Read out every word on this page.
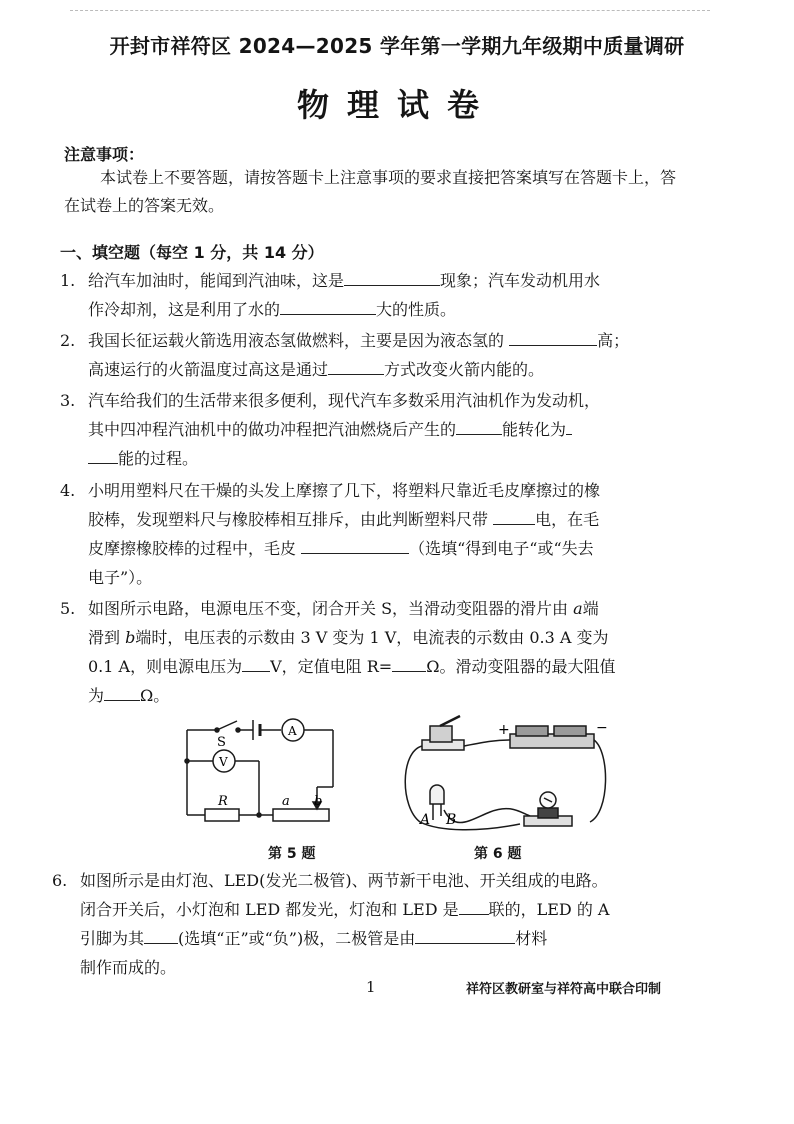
开封市祥符区 2024—2025 学年第一学期九年级期中质量调研
物理试卷
注意事项：
本试卷上不要答题，请按答题卡上注意事项的要求直接把答案填写在答题卡上，答在试卷上的答案无效。
一、填空题（每空 1 分，共 14 分）
1. 给汽车加油时，能闻到汽油味，这是	现象；汽车发动机用水
作冷却剂，这是利用了水的	大的性质。
2. 我国长征运载火箭选用液态氢做燃料，主要是因为液态氢的	高；
高速运行的火箭温度过高这是通过	方式改变火箭内能的。
3. 汽车给我们的生活带来很多便利，现代汽车多数采用汽油机作为发动机，
其中四冲程汽油机中的做功冲程把汽油燃烧后产生的	能转化为
能的过程。
4. 小明用塑料尺在干燥的头发上摩擦了几下，将塑料尺靠近毛皮摩擦过的橡
胶棒，发现塑料尺与橡胶棒相互排斥，由此判断塑料尺带	电，在毛
皮摩擦橡胶棒的过程中，毛皮	（选填“得到电子“或“失去
电子”）。
5. 如图所示电路，电源电压不变，闭合开关 S，当滑动变阻器的滑片由 a端
滑到 b端时，电压表的示数由 3 V 变为 1 V，电流表的示数由 0.3 A 变为
0.1 A，则电源电压为 V，定值电阻 R= Ω。滑动变阻器的最大阻值
为 Ω。
S
A
V
R	a b
第 5 题
+	−
A B
第 6 题
6. 如图所示是由灯泡、LED(发光二极管)、两节新干电池、开关组成的电路。
闭合开关后，小灯泡和 LED 都发光，灯泡和 LED 是 联的，LED 的 A
引脚为其 (选填“正”或“负”)极，二极管是由	材料
制作而成的。
1	祥符区教研室与祥符高中联合印制
